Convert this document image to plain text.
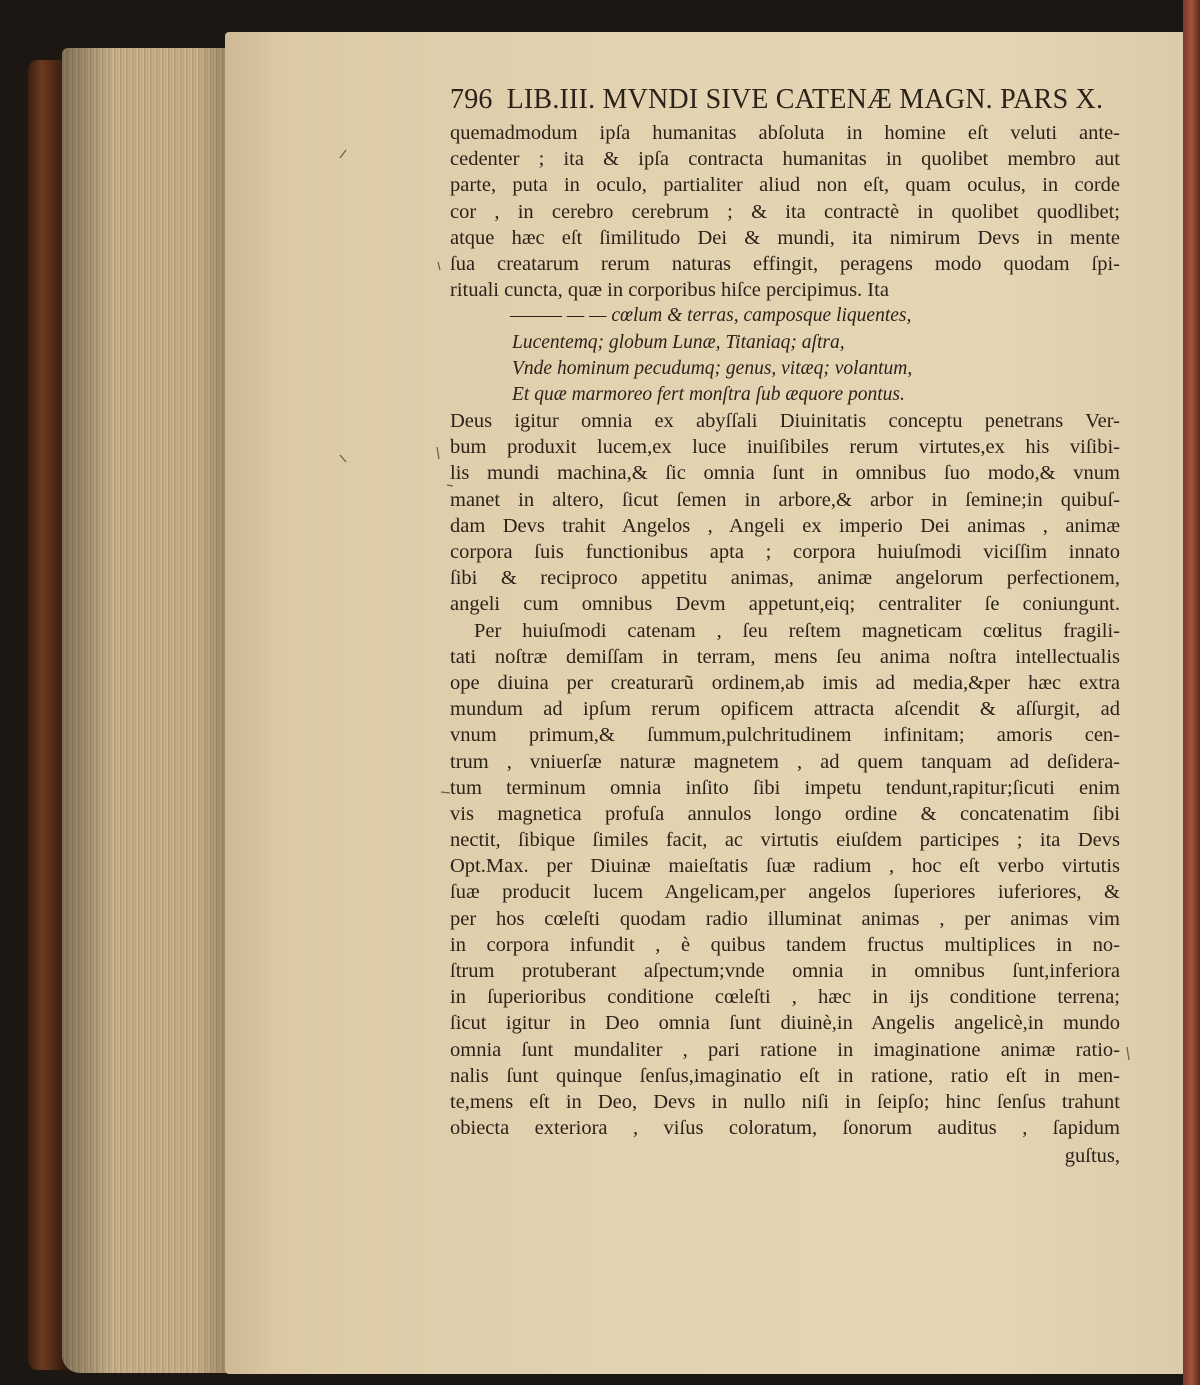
796 LIB.III. MVNDI SIVE CATENÆ MAGN. PARS X.
quemadmodum ipſa humanitas abſoluta in homine eſt veluti ante-
cedenter ; ita & ipſa contracta humanitas in quolibet membro aut
parte, puta in oculo, partialiter aliud non eſt, quam oculus, in corde
cor , in cerebro cerebrum ; & ita contractè in quolibet quodlibet;
atque hæc eſt ſimilitudo Dei & mundi, ita nimirum Devs in mente
ſua creatarum rerum naturas effingit, peragens modo quodam ſpi-
rituali cuncta, quæ in corporibus hiſce percipimus. Ita
——— — — cœlum & terras, camposque liquentes,
Lucentemq; globum Lunæ, Titaniaq; aſtra,
Vnde hominum pecudumq; genus, vitæq; volantum,
Et quæ marmoreo fert monſtra ſub æquore pontus.
Deus igitur omnia ex abyſſali Diuinitatis conceptu penetrans Ver-
bum produxit lucem,ex luce inuiſibiles rerum virtutes,ex his viſibi-
lis mundi machina,& ſic omnia ſunt in omnibus ſuo modo,& vnum
manet in altero, ſicut ſemen in arbore,& arbor in ſemine;in quibuſ-
dam Devs trahit Angelos , Angeli ex imperio Dei animas , animæ
corpora ſuis functionibus apta ; corpora huiuſmodi viciſſim innato
ſibi & reciproco appetitu animas, animæ angelorum perfectionem,
angeli cum omnibus Devm appetunt,eiq; centraliter ſe coniungunt.
Per huiuſmodi catenam , ſeu reſtem magneticam cœlitus fragili-
tati noſtræ demiſſam in terram, mens ſeu anima noſtra intellectualis
ope diuina per creaturarũ ordinem,ab imis ad media,&per hæc extra
mundum ad ipſum rerum opificem attracta aſcendit & aſſurgit, ad
vnum primum,& ſummum,pulchritudinem infinitam; amoris cen-
trum , vniuerſæ naturæ magnetem , ad quem tanquam ad deſidera-
tum terminum omnia inſito ſibi impetu tendunt,rapitur;ſicuti enim
vis magnetica profuſa annulos longo ordine & concatenatim ſibi
nectit, ſibique ſimiles facit, ac virtutis eiuſdem participes ; ita Devs
Opt.Max. per Diuinæ maieſtatis ſuæ radium , hoc eſt verbo virtutis
ſuæ producit lucem Angelicam,per angelos ſuperiores iuferiores, &
per hos cœleſti quodam radio illuminat animas , per animas vim
in corpora infundit , è quibus tandem fructus multiplices in no-
ſtrum protuberant aſpectum;vnde omnia in omnibus ſunt,inferiora
in ſuperioribus conditione cœleſti , hæc in ijs conditione terrena;
ſicut igitur in Deo omnia ſunt diuinè,in Angelis angelicè,in mundo
omnia ſunt mundaliter , pari ratione in imaginatione animæ ratio-
nalis ſunt quinque ſenſus,imaginatio eſt in ratione, ratio eſt in men-
te,mens eſt in Deo, Devs in nullo niſi in ſeipſo; hinc ſenſus trahunt
obiecta exteriora , viſus coloratum, ſonorum auditus , ſapidum
guſtus,
